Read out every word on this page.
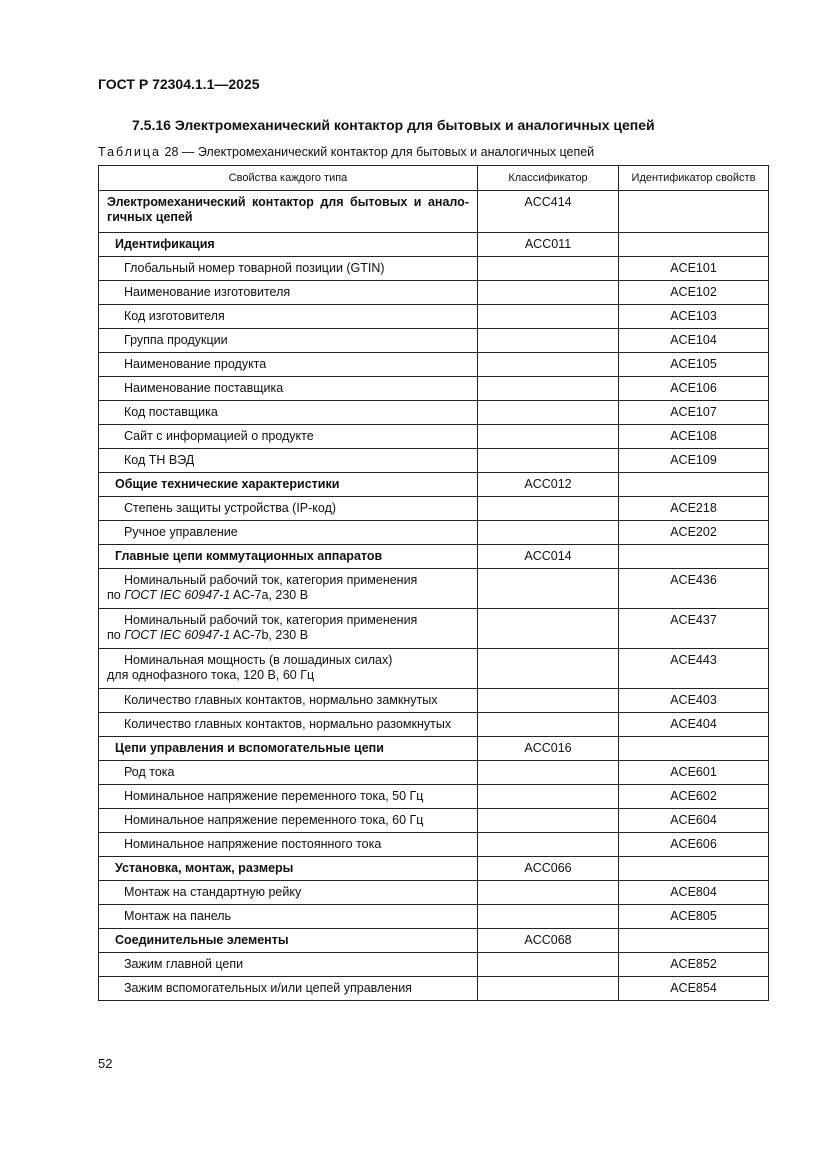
ГОСТ Р 72304.1.1—2025
7.5.16 Электромеханический контактор для бытовых и аналогичных цепей
Таблица 28 — Электромеханический контактор для бытовых и аналогичных цепей
Свойства каждого типа	Классификатор	Идентификатор свойств
Электромеханический контактор для бытовых и аналогичных цепей	ACC414	
Идентификация	ACC011	
Глобальный номер товарной позиции (GTIN)		ACE101
Наименование изготовителя		ACE102
Код изготовителя		ACE103
Группа продукции		ACE104
Наименование продукта		ACE105
Наименование поставщика		ACE106
Код поставщика		ACE107
Сайт с информацией о продукте		ACE108
Код ТН ВЭД		ACE109
Общие технические характеристики	ACC012	
Степень защиты устройства (IP-код)		ACE218
Ручное управление		ACE202
Главные цепи коммутационных аппаратов	ACC014	
Номинальный рабочий ток, категория применения
по ГОСТ IEC 60947-1 AC-7a, 230 В		ACE436
Номинальный рабочий ток, категория применения
по ГОСТ IEC 60947-1 AC-7b, 230 В		ACE437
Номинальная мощность (в лошадиных силах)
для однофазного тока, 120 В, 60 Гц		ACE443
Количество главных контактов, нормально замкнутых		ACE403
Количество главных контактов, нормально разомкнутых		ACE404
Цепи управления и вспомогательные цепи	ACC016	
Род тока		ACE601
Номинальное напряжение переменного тока, 50 Гц		ACE602
Номинальное напряжение переменного тока, 60 Гц		ACE604
Номинальное напряжение постоянного тока		ACE606
Установка, монтаж, размеры	ACC066	
Монтаж на стандартную рейку		ACE804
Монтаж на панель		ACE805
Соединительные элементы	ACC068	
Зажим главной цепи		ACE852
Зажим вспомогательных и/или цепей управления		ACE854
52
